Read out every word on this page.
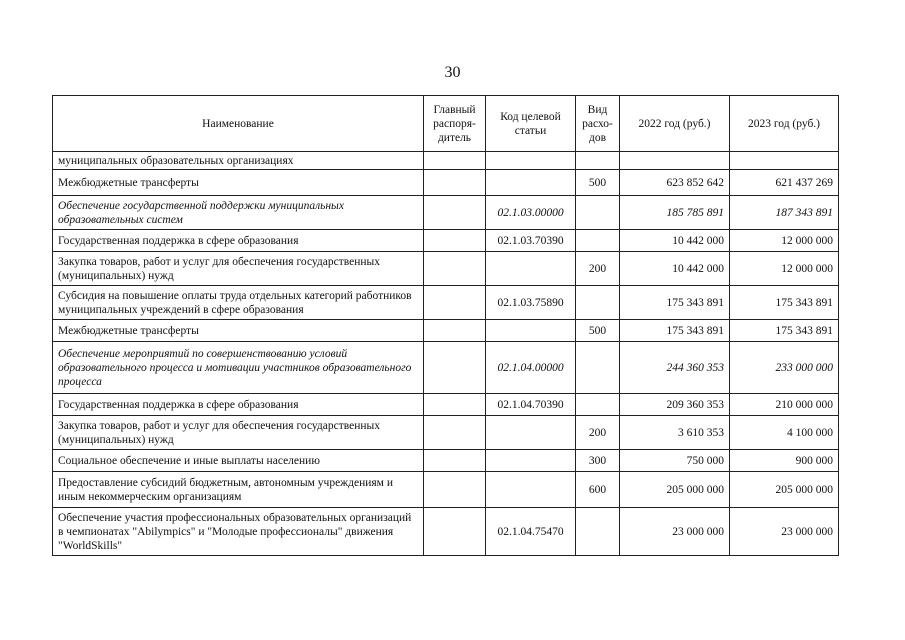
30
Наименование	Главный распоря-дитель	Код целевой статьи	Вид расхо-дов	2022 год (руб.)	2023 год (руб.)
муниципальных образовательных организациях					
Межбюджетные трансферты			500	623 852 642	621 437 269
Обеспечение государственной поддержки муниципальных образовательных систем		02.1.03.00000		185 785 891	187 343 891
Государственная поддержка в сфере образования		02.1.03.70390		10 442 000	12 000 000
Закупка товаров, работ и услуг для обеспечения государственных (муниципальных) нужд			200	10 442 000	12 000 000
Субсидия на повышение оплаты труда отдельных категорий работников муниципальных учреждений в сфере образования		02.1.03.75890		175 343 891	175 343 891
Межбюджетные трансферты			500	175 343 891	175 343 891
Обеспечение мероприятий по совершенствованию условий образовательного процесса и мотивации участников образовательного процесса		02.1.04.00000		244 360 353	233 000 000
Государственная поддержка в сфере образования		02.1.04.70390		209 360 353	210 000 000
Закупка товаров, работ и услуг для обеспечения государственных (муниципальных) нужд			200	3 610 353	4 100 000
Социальное обеспечение и иные выплаты населению			300	750 000	900 000
Предоставление субсидий бюджетным, автономным учреждениям и иным некоммерческим организациям			600	205 000 000	205 000 000
Обеспечение участия профессиональных образовательных организаций в чемпионатах "Abilympics" и "Молодые профессионалы" движения "WorldSkills"		02.1.04.75470		23 000 000	23 000 000
